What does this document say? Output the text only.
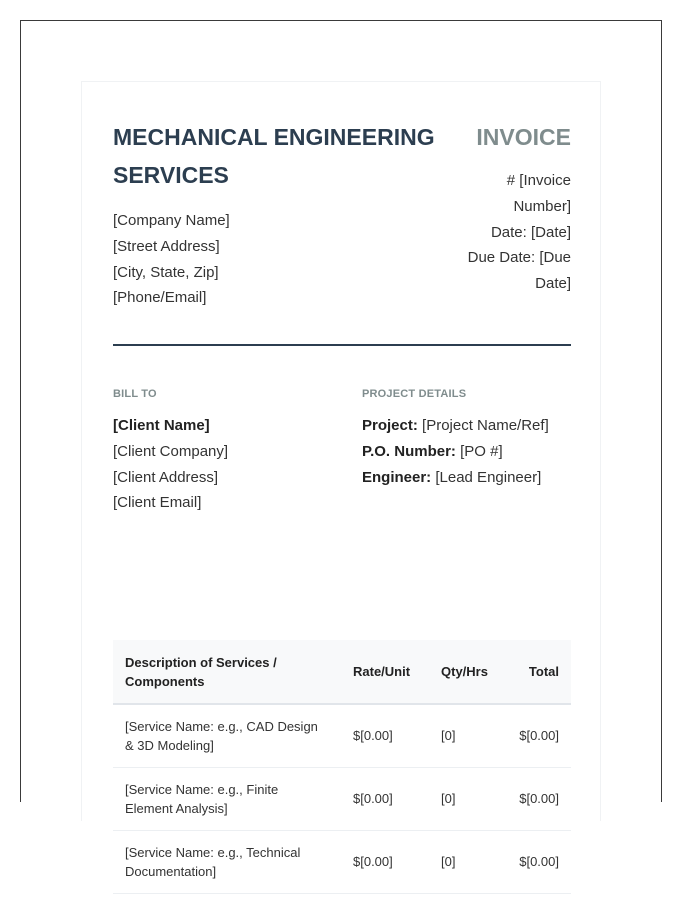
MECHANICAL ENGINEERING SERVICES
[Company Name]
[Street Address]
[City, State, Zip]
[Phone/Email]
INVOICE
# [Invoice Number]
Date: [Date]
Due Date: [Due Date]
BILL TO
[Client Name]
[Client Company]
[Client Address]
[Client Email]
PROJECT DETAILS
Project: [Project Name/Ref]
P.O. Number: [PO #]
Engineer: [Lead Engineer]
Description of Services / Components	Rate/Unit	Qty/Hrs	Total
[Service Name: e.g., CAD Design & 3D Modeling]	$[0.00]	[0]	$[0.00]
[Service Name: e.g., Finite Element Analysis]	$[0.00]	[0]	$[0.00]
[Service Name: e.g., Technical Documentation]	$[0.00]	[0]	$[0.00]
